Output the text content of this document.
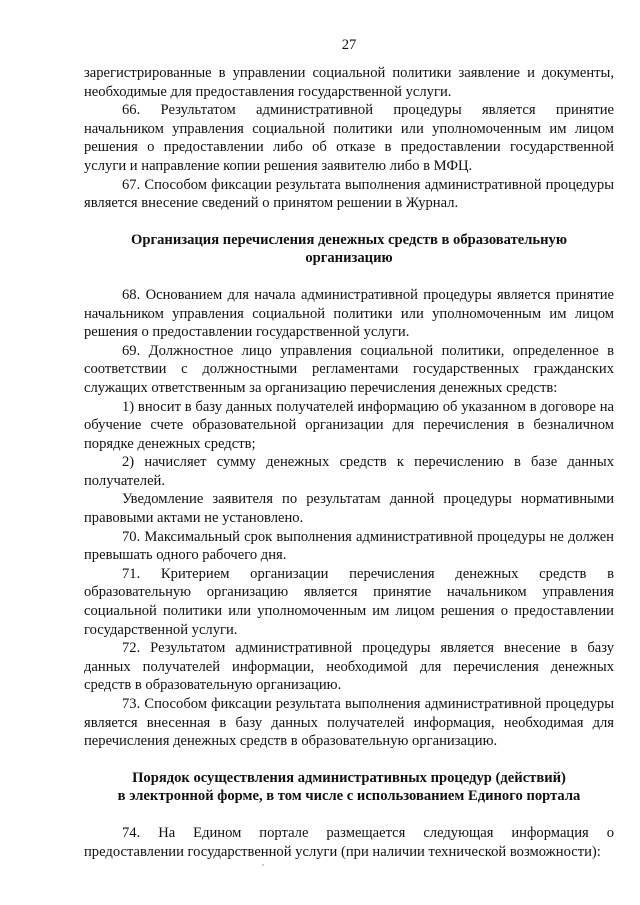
27

зарегистрированные в управлении социальной политики заявление и документы, необходимые для предоставления государственной услуги.

66. Результатом административной процедуры является принятие начальником управления социальной политики или уполномоченным им лицом решения о предоставлении либо об отказе в предоставлении государственной услуги и направление копии решения заявителю либо в МФЦ.

67. Способом фиксации результата выполнения административной процедуры является внесение сведений о принятом решении в Журнал.

Организация перечисления денежных средств в образовательную
организацию

68. Основанием для начала административной процедуры является принятие начальником управления социальной политики или уполномоченным им лицом решения о предоставлении государственной услуги.

69. Должностное лицо управления социальной политики, определенное в соответствии с должностными регламентами государственных гражданских служащих ответственным за организацию перечисления денежных средств:

1) вносит в базу данных получателей информацию об указанном в договоре на обучение счете образовательной организации для перечисления в безналичном порядке денежных средств;

2) начисляет сумму денежных средств к перечислению в базе данных получателей.

Уведомление заявителя по результатам данной процедуры нормативными правовыми актами не установлено.

70. Максимальный срок выполнения административной процедуры не должен превышать одного рабочего дня.

71. Критерием организации перечисления денежных средств в образовательную организацию является принятие начальником управления социальной политики или уполномоченным им лицом решения о предоставлении государственной услуги.

72. Результатом административной процедуры является внесение в базу данных получателей информации, необходимой для перечисления денежных средств в образовательную организацию.

73. Способом фиксации результата выполнения административной процедуры является внесенная в базу данных получателей информация, необходимая для перечисления денежных средств в образовательную организацию.

Порядок осуществления административных процедур (действий)
в электронной форме, в том числе с использованием Единого портала

74. На Едином портале размещается следующая информация о предоставлении государственной услуги (при наличии технической возможности):
